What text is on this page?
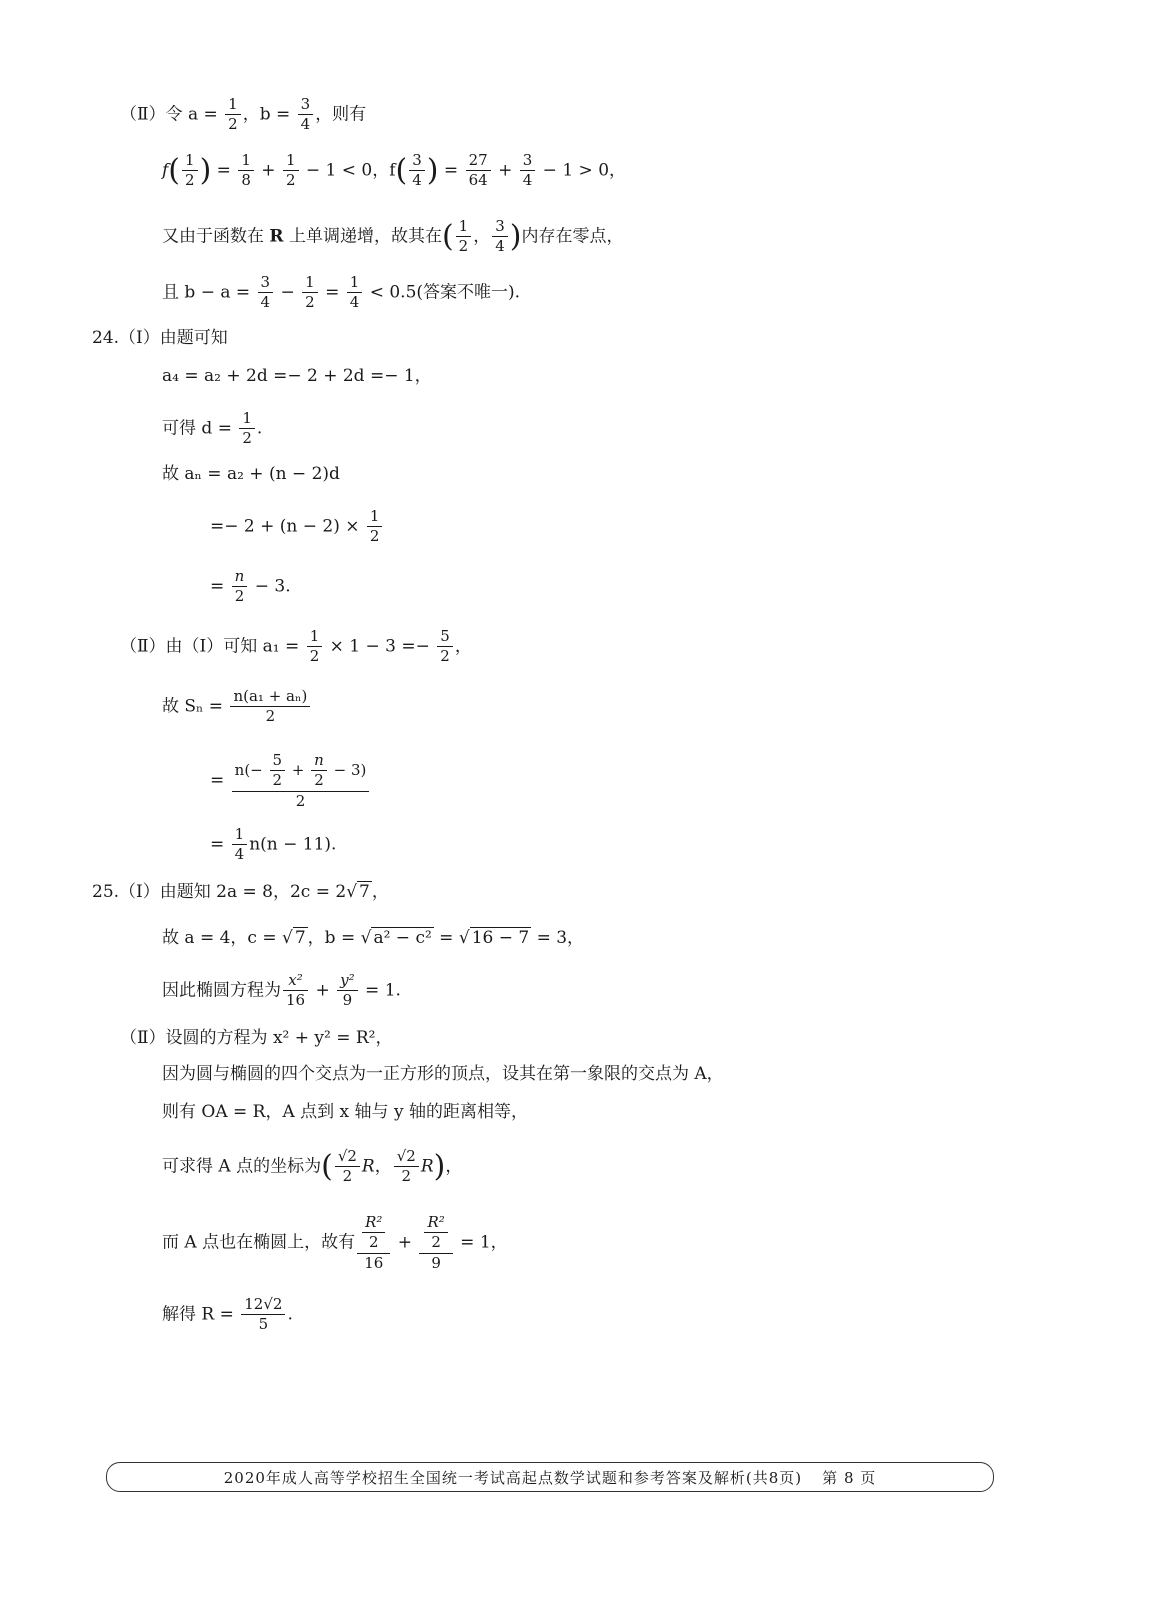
（Ⅱ）令 $a = \frac{1}{2}$ ，$b = \frac{3}{4}$ ，则有
$f( \frac{1}{2}$ ) = $\frac{1}{8} + \frac{1}{2} - 1 < 0$，$f( \frac{3}{4}$ ) = $\frac{27}{64} + \frac{3}{4} - 1 > 0$，
又由于函数在 R 上单调递增，故其在( $\frac{1}{2}$ ， $\frac{3}{4}$ )内存在零点，
且 $b - a = \frac{3}{4} - \frac{1}{2} = \frac{1}{4} < 0.5$(答案不唯一).
24.（Ⅰ）由题可知
a₄ = a₂ + 2d =− 2 + 2d =− 1，
可得 $d = \frac{1}{2}$ .
故 aₙ = a₂ + (n − 2)d
=− $2 + (n - 2) \times \frac{1}{2}$
= $\frac{n}{2} - 3$.
（Ⅱ）由（Ⅰ）可知 $a_1 = \frac{1}{2} \times 1 - 3 =- \frac{5}{2}$ ，
故 $S_n = \frac{\text{n(a₁ + aₙ)}}{2}$
= $\frac{n(- \frac{5}{2} + \frac{n}{2} - 3)}{2}$
= $\frac{1}{4} n(n - 11)$.
25.（Ⅰ）由题知 2a = 8，2c = 2√ 7 ，
故 a = 4，c = √ 7 ，b = √ a² − c² = √ 16 − 7 = 3，
因此椭圆方程为 $\frac{\text{x²}}{16} + \frac{\text{y²}}{9} = 1$.
（Ⅱ）设圆的方程为 x² + y² = R²，
因为圆与椭圆的四个交点为一正方形的顶点，设其在第一象限的交点为 A，
则有 OA = R，A 点到 x 轴与 y 轴的距离相等，
可求得 A 点的坐标为( $\frac{√2}{2}$ R， $\frac{√2}{2} R$)，
而 A 点也在椭圆上，故有 $\frac{\frac{\text{R²}}{2}}{16} + \frac{\frac{\text{R²}}{2}}{9} = 1$，
解得 $R = \frac{12√2}{5}$ .
2020年成人高等学校招生全国统一考试高起点数学试题和参考答案及解析(共8页) 第 8 页
